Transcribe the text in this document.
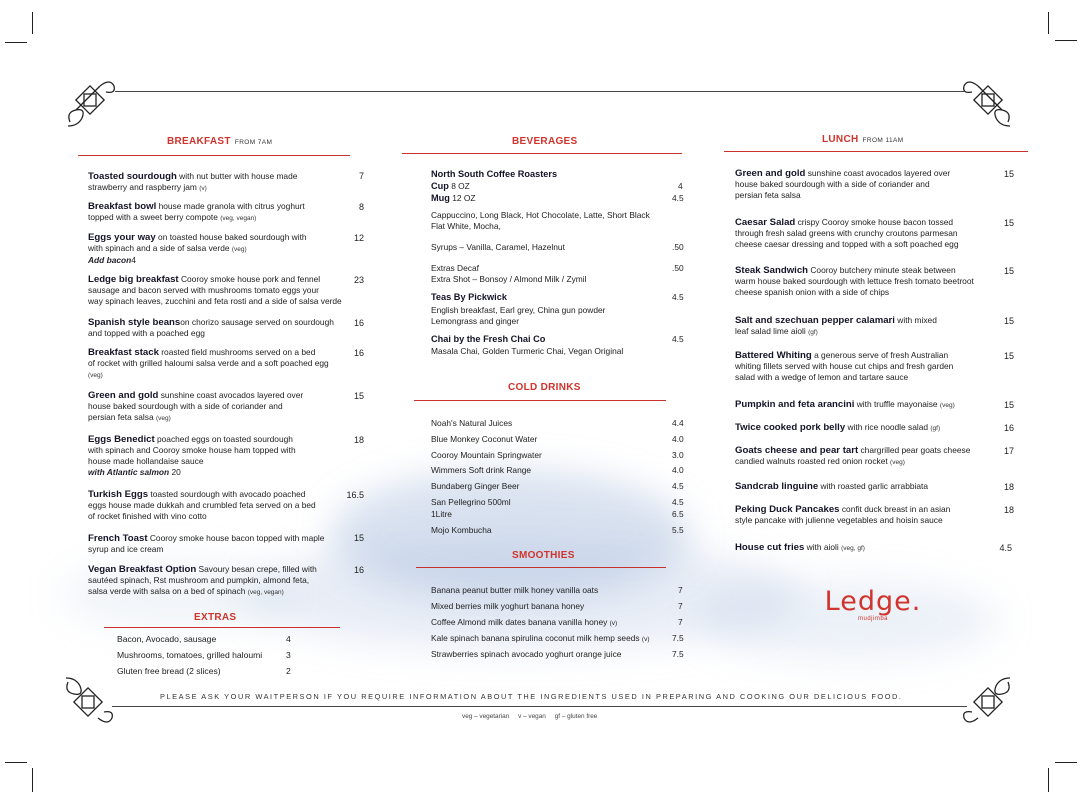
BREAKFAST FROM 7AM
Toasted sourdough with nut butter with house made
strawberry and raspberry jam (v)
7
Breakfast bowl house made granola with citrus yoghurt
topped with a sweet berry compote (veg, vegan)
8
Eggs your way on toasted house baked sourdough with
with spinach and a side of salsa verde (veg)
Add bacon4
12
Ledge big breakfast Cooroy smoke house pork and fennel
sausage and bacon served with mushrooms tomato eggs your
way spinach leaves, zucchini and feta rosti and a side of salsa verde
23
Spanish style beanson chorizo sausage served on sourdough
and topped with a poached egg
16
Breakfast stack roasted field mushrooms served on a bed
of rocket with grilled haloumi salsa verde and a soft poached egg
(veg)
16
Green and gold sunshine coast avocados layered over
house baked sourdough with a side of coriander and
persian feta salsa (veg)
15
Eggs Benedict poached eggs on toasted sourdough
with spinach and Cooroy smoke house ham topped with
house made hollandaise sauce
with Atlantic salmon 20
18
Turkish Eggs toasted sourdough with avocado poached
eggs house made dukkah and crumbled feta served on a bed
of rocket finished with vino cotto
16.5
French Toast Cooroy smoke house bacon topped with maple
syrup and ice cream
15
Vegan Breakfast Option Savoury besan crepe, filled with
sautéed spinach, Rst mushroom and pumpkin, almond feta,
salsa verde with salsa on a bed of spinach (veg, vegan)
16
EXTRAS
Bacon, Avocado, sausage	4
Mushrooms, tomatoes, grilled haloumi	3
Gluten free bread (2 slices)	2
BEVERAGES
North South Coffee Roasters
Cup 8 OZ	4
Mug 12 OZ	4.5
Cappuccino, Long Black, Hot Chocolate, Latte, Short Black
Flat White, Mocha,
Syrups – Vanilla, Caramel, Hazelnut	.50
Extras Decaf
Extra Shot – Bonsoy / Almond Milk / Zymil
.50
Teas By Pickwick	4.5
English breakfast, Earl grey, China gun powder
Lemongrass and ginger
Chai by the Fresh Chai Co	4.5
Masala Chai, Golden Turmeric Chai, Vegan Original
COLD DRINKS
Noah's Natural Juices	4.4
Blue Monkey Coconut Water	4.0
Cooroy Mountain Springwater	3.0
Wimmers Soft drink Range	4.0
Bundaberg Ginger Beer	4.5
San Pellegrino 500ml	4.5
1Litre	6.5
Mojo Kombucha	5.5
SMOOTHIES
Banana peanut butter milk honey vanilla oats	7
Mixed berries milk yoghurt banana honey	7
Coffee Almond milk dates banana vanilla honey (v)	7
Kale spinach banana spirulina coconut milk hemp seeds (v)	7.5
Strawberries spinach avocado yoghurt orange juice	7.5
LUNCH FROM 11AM
Green and gold sunshine coast avocados layered over
house baked sourdough with a side of coriander and
persian feta salsa
15
Caesar Salad crispy Cooroy smoke house bacon tossed
through fresh salad greens with crunchy croutons parmesan
cheese caesar dressing and topped with a soft poached egg
15
Steak Sandwich Cooroy butchery minute steak between
warm house baked sourdough with lettuce fresh tomato beetroot
cheese spanish onion with a side of chips
15
Salt and szechuan pepper calamari with mixed
leaf salad lime aioli (gf)
15
Battered Whiting a generous serve of fresh Australian
whiting fillets served with house cut chips and fresh garden
salad with a wedge of lemon and tartare sauce
15
Pumpkin and feta arancini with truffle mayonaise (veg)	15
Twice cooked pork belly with rice noodle salad (gf)	16
Goats cheese and pear tart chargrilled pear goats cheese
candied walnuts roasted red onion rocket (veg)
17
Sandcrab linguine with roasted garlic arrabbiata	18
Peking Duck Pancakes confit duck breast in an asian
style pancake with julienne vegetables and hoisin sauce
18
House cut fries with aioli (veg, gf)	4.5
Ledge.
mudjimba
PLEASE ASK YOUR WAITPERSON IF YOU REQUIRE INFORMATION ABOUT THE INGREDIENTS USED IN PREPARING AND COOKING OUR DELICIOUS FOOD.
veg – vegetarian     v – vegan     gf – gluten free
